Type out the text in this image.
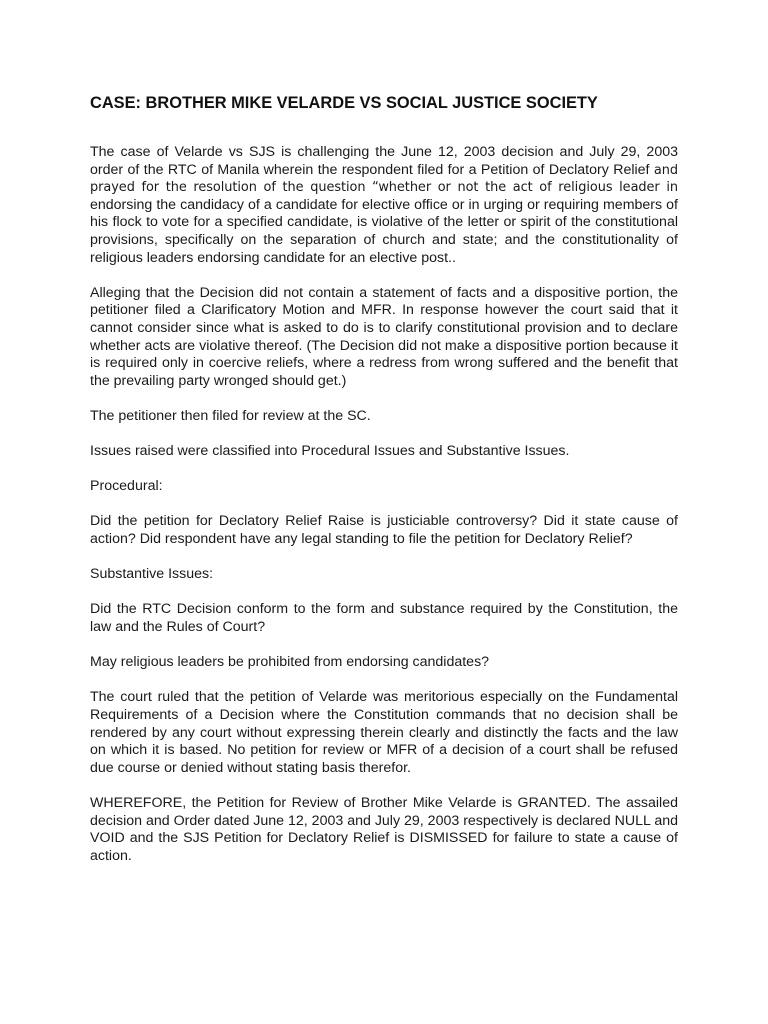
CASE: BROTHER MIKE VELARDE VS SOCIAL JUSTICE SOCIETY

The case of Velarde vs SJS is challenging the June 12, 2003 decision and July 29, 2003 order of the RTC of Manila wherein the respondent filed for a Petition of Declatory Relief and prayed for the resolution of the question “whether or not the act of religious leader in endorsing the candidacy of a candidate for elective office or in urging or requiring members of his flock to vote for a specified candidate, is violative of the letter or spirit of the constitutional provisions, specifically on the separation of church and state; and the constitutionality of religious leaders endorsing candidate for an elective post..

Alleging that the Decision did not contain a statement of facts and a dispositive portion, the petitioner filed a Clarificatory Motion and MFR. In response however the court said that it cannot consider since what is asked to do is to clarify constitutional provision and to declare whether acts are violative thereof. (The Decision did not make a dispositive portion because it is required only in coercive reliefs, where a redress from wrong suffered and the benefit that the prevailing party wronged should get.)

The petitioner then filed for review at the SC.

Issues raised were classified into Procedural Issues and Substantive Issues.

Procedural:

Did the petition for Declatory Relief Raise is justiciable controversy? Did it state cause of action? Did respondent have any legal standing to file the petition for Declatory Relief?

Substantive Issues:

Did the RTC Decision conform to the form and substance required by the Constitution, the law and the Rules of Court?

May religious leaders be prohibited from endorsing candidates?

The court ruled that the petition of Velarde was meritorious especially on the Fundamental Requirements of a Decision where the Constitution commands that no decision shall be rendered by any court without expressing therein clearly and distinctly the facts and the law on which it is based. No petition for review or MFR of a decision of a court shall be refused due course or denied without stating basis therefor.

WHEREFORE, the Petition for Review of Brother Mike Velarde is GRANTED. The assailed decision and Order dated June 12, 2003 and July 29, 2003 respectively is declared NULL and VOID and the SJS Petition for Declatory Relief is DISMISSED for failure to state a cause of action.
